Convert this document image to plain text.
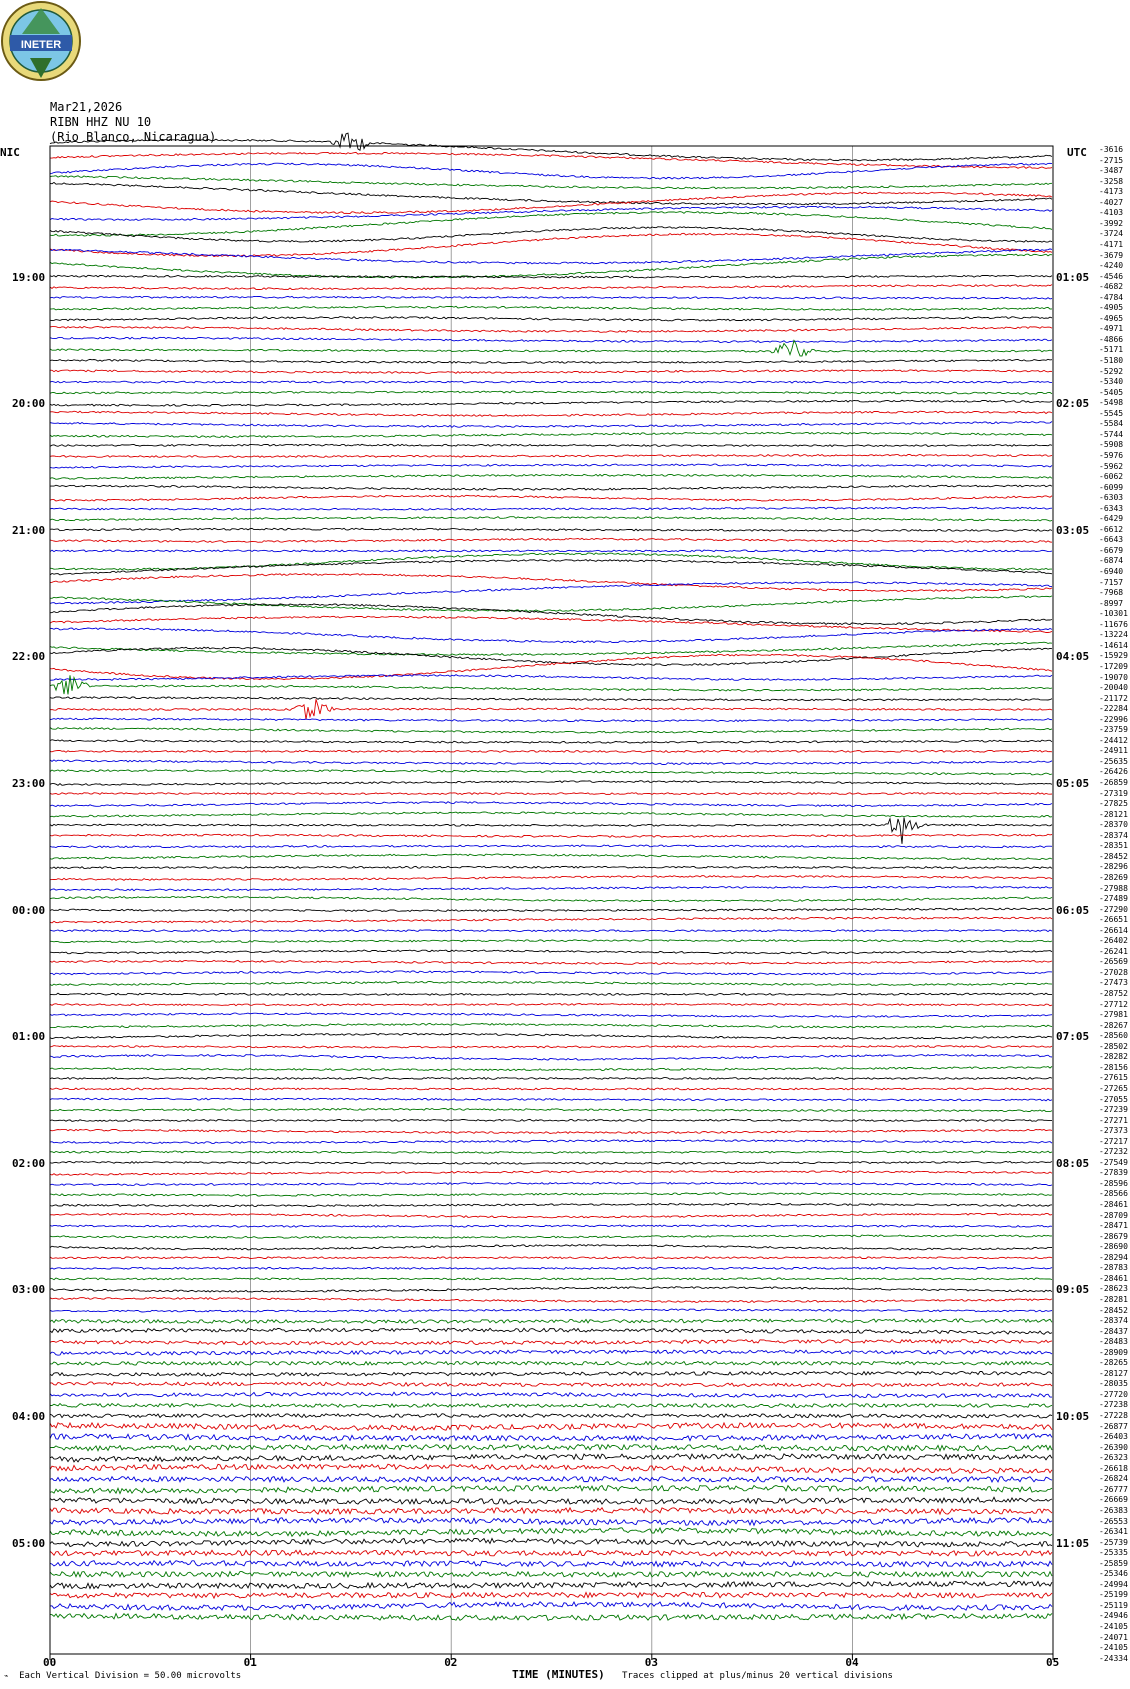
INETER
Mar21,2026
RIBN HHZ NU 10
(Rio Blanco, Nicaragua)
NIC	UTC
19:00
20:00
21:00
22:00
23:00
00:00
01:00
02:00
03:00
04:00
05:00
01:05
02:05
03:05
04:05
05:05
06:05
07:05
08:05
09:05
10:05
11:05
-3616
-2715
-3487
-3258
-4173
-4027
-4103
-3992
-3724
-4171
-3679
-4240
-4546
-4682
-4784
-4905
-4965
-4971
-4866
-5171
-5180
-5292
-5340
-5405
-5498
-5545
-5584
-5744
-5908
-5976
-5962
-6062
-6099
-6303
-6343
-6429
-6612
-6643
-6679
-6874
-6940
-7157
-7968
-8997
-10301
-11676
-13224
-14614
-15929
-17209
-19070
-20040
-21172
-22284
-22996
-23759
-24412
-24911
-25635
-26426
-26859
-27319
-27825
-28121
-28370
-28374
-28351
-28452
-28296
-28269
-27988
-27489
-27290
-26651
-26614
-26402
-26241
-26569
-27028
-27473
-28752
-27712
-27981
-28267
-28560
-28502
-28282
-28156
-27615
-27265
-27055
-27239
-27271
-27373
-27217
-27232
-27549
-27839
-28596
-28566
-28461
-28709
-28471
-28679
-28690
-28294
-28783
-28461
-28623
-28281
-28452
-28374
-28437
-28483
-28909
-28265
-28127
-28035
-27720
-27238
-27228
-26877
-26403
-26390
-26323
-26618
-26824
-26777
-26669
-26383
-26553
-26341
-25739
-25335
-25859
-25346
-24994
-25199
-25119
-24946
-24105
-24071
-24105
-24334
00	01	02	03	04	05
TIME (MINUTES)
⌁ Each Vertical Division = 50.00 microvolts	Traces clipped at plus/minus 20 vertical divisions
